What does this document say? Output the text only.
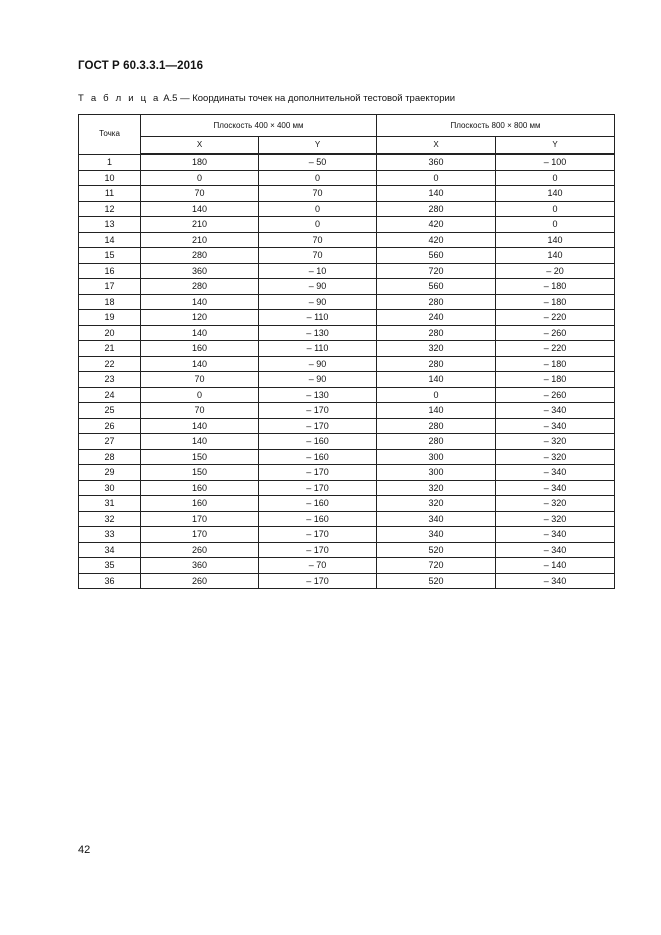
ГОСТ Р 60.3.3.1—2016
Т а б л и ц а А.5 — Координаты точек на дополнительной тестовой траектории
Точка	Плоскость 400 × 400 мм		Плоскость 800 × 800 мм	
	X	Y	X	Y
1	180	– 50	360	– 100
10	0	0	0	0
11	70	70	140	140
12	140	0	280	0
13	210	0	420	0
14	210	70	420	140
15	280	70	560	140
16	360	– 10	720	– 20
17	280	– 90	560	– 180
18	140	– 90	280	– 180
19	120	– 110	240	– 220
20	140	– 130	280	– 260
21	160	– 110	320	– 220
22	140	– 90	280	– 180
23	70	– 90	140	– 180
24	0	– 130	0	– 260
25	70	– 170	140	– 340
26	140	– 170	280	– 340
27	140	– 160	280	– 320
28	150	– 160	300	– 320
29	150	– 170	300	– 340
30	160	– 170	320	– 340
31	160	– 160	320	– 320
32	170	– 160	340	– 320
33	170	– 170	340	– 340
34	260	– 170	520	– 340
35	360	– 70	720	– 140
36	260	– 170	520	– 340
42
